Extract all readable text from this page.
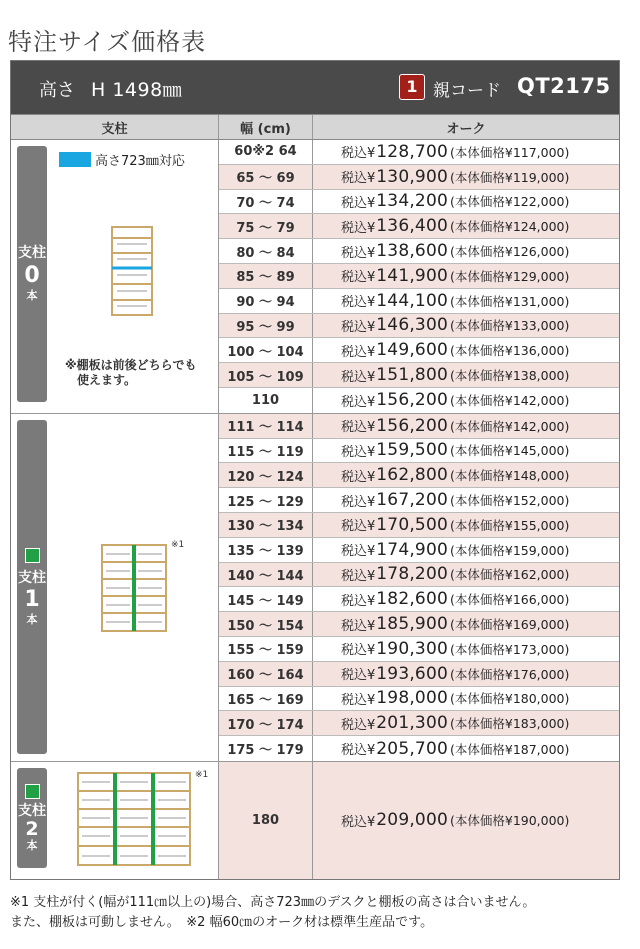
特注サイズ価格表
高さ H 1498㎜	1 親コード QT2175
支柱	幅 (cm)	オーク
支柱
0
本
高さ723㎜対応
※棚板は前後どちらでも
使えます。
60※2 64	税込¥ 128,700 (本体価格¥117,000)
65 〜 69	税込¥ 130,900 (本体価格¥119,000)
70 〜 74	税込¥ 134,200 (本体価格¥122,000)
75 〜 79	税込¥ 136,400 (本体価格¥124,000)
80 〜 84	税込¥ 138,600 (本体価格¥126,000)
85 〜 89	税込¥ 141,900 (本体価格¥129,000)
90 〜 94	税込¥ 144,100 (本体価格¥131,000)
95 〜 99	税込¥ 146,300 (本体価格¥133,000)
100 〜 104	税込¥ 149,600 (本体価格¥136,000)
105 〜 109	税込¥ 151,800 (本体価格¥138,000)
110	税込¥ 156,200 (本体価格¥142,000)
支柱
1
本
※1
111 〜 114	税込¥ 156,200 (本体価格¥142,000)
115 〜 119	税込¥ 159,500 (本体価格¥145,000)
120 〜 124	税込¥ 162,800 (本体価格¥148,000)
125 〜 129	税込¥ 167,200 (本体価格¥152,000)
130 〜 134	税込¥ 170,500 (本体価格¥155,000)
135 〜 139	税込¥ 174,900 (本体価格¥159,000)
140 〜 144	税込¥ 178,200 (本体価格¥162,000)
145 〜 149	税込¥ 182,600 (本体価格¥166,000)
150 〜 154	税込¥ 185,900 (本体価格¥169,000)
155 〜 159	税込¥ 190,300 (本体価格¥173,000)
160 〜 164	税込¥ 193,600 (本体価格¥176,000)
165 〜 169	税込¥ 198,000 (本体価格¥180,000)
170 〜 174	税込¥ 201,300 (本体価格¥183,000)
175 〜 179	税込¥ 205,700 (本体価格¥187,000)
支柱
2
本
※1
180	税込¥ 209,000 (本体価格¥190,000)
※1 支柱が付く(幅が111㎝以上の)場合、高さ723㎜のデスクと棚板の高さは合いません。
また、棚板は可動しません。　※2 幅60㎝のオーク材は標準生産品です。
